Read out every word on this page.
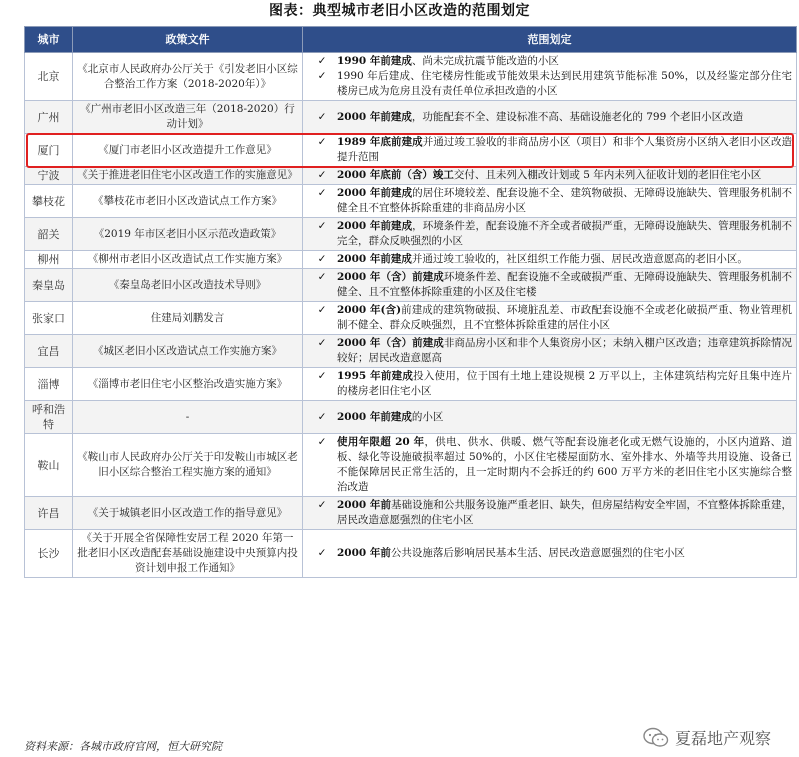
图表：典型城市老旧小区改造的范围划定
城市	政策文件	范围划定
北京	《北京市人民政府办公厅关于《引发老旧小区综合整治工作方案（2018-2020年）》	✓ 1990 年前建成、尚未完成抗震节能改造的小区
✓ 1990 年后建成、住宅楼房性能或节能效果未达到民用建筑节能标准 50%，以及经鉴定部分住宅楼房已成为危房且没有责任单位承担改造的小区

广州	《广州市老旧小区改造三年（2018-2020）行动计划》	✓ 2000 年前建成，功能配套不全、建设标准不高、基础设施老化的 799 个老旧小区改造

厦门	《厦门市老旧小区改造提升工作意见》	✓ 1989 年底前建成并通过竣工验收的非商品房小区（项目）和非个人集资房小区纳入老旧小区改造提升范围

宁波	《关于推进老旧住宅小区改造工作的实施意见》	✓ 2000 年底前（含）竣工交付、且未列入棚改计划或 5 年内未列入征收计划的老旧住宅小区

攀枝花	《攀枝花市老旧小区改造试点工作方案》	✓ 2000 年前建成的居住环境较差、配套设施不全、建筑物破损、无障碍设施缺失、管理服务机制不健全且不宜整体拆除重建的非商品房小区

韶关	《2019 年市区老旧小区示范改造政策》	✓ 2000 年前建成，环境条件差，配套设施不齐全或者破损严重，无障碍设施缺失、管理服务机制不完全，群众反映强烈的小区

柳州	《柳州市老旧小区改造试点工作实施方案》	✓ 2000 年前建成并通过竣工验收的，社区组织工作能力强、居民改造意愿高的老旧小区。

秦皇岛	《秦皇岛老旧小区改造技术导则》	✓ 2000 年（含）前建成环境条件差、配套设施不全或破损严重、无障碍设施缺失、管理服务机制不健全、且不宜整体拆除重建的小区及住宅楼

张家口	住建局刘鹏发言	✓ 2000 年(含)前建成的建筑物破损、环境脏乱差、市政配套设施不全或老化破损严重、物业管理机制不健全、群众反映强烈，且不宜整体拆除重建的居住小区

宜昌	《城区老旧小区改造试点工作实施方案》	✓ 2000 年（含）前建成非商品房小区和非个人集资房小区；未纳入棚户区改造；违章建筑拆除情况较好；居民改造意愿高

淄博	《淄博市老旧住宅小区整治改造实施方案》	✓ 1995 年前建成投入使用，位于国有土地上建设规模 2 万平以上，主体建筑结构完好且集中连片的楼房老旧住宅小区

呼和浩特	-	✓ 2000 年前建成的小区

鞍山	《鞍山市人民政府办公厅关于印发鞍山市城区老旧小区综合整治工程实施方案的通知》	✓ 使用年限超 20 年，供电、供水、供暖、燃气等配套设施老化或无燃气设施的，小区内道路、道板、绿化等设施破损率超过 50%的，小区住宅楼屋面防水、室外排水、外墙等共用设施、设备已不能保障居民正常生活的，且一定时期内不会拆迁的约 600 万平方米的老旧住宅小区实施综合整治改造

许昌	《关于城镇老旧小区改造工作的指导意见》	✓ 2000 年前基础设施和公共服务设施严重老旧、缺失，但房屋结构安全牢固，不宜整体拆除重建，居民改造意愿强烈的住宅小区

长沙	《关于开展全省保障性安居工程 2020 年第一批老旧小区改造配套基础设施建设中央预算内投资计划申报工作通知》	✓ 2000 年前公共设施落后影响居民基本生活、居民改造意愿强烈的住宅小区
资料来源：各城市政府官网，恒大研究院	夏磊地产观察
